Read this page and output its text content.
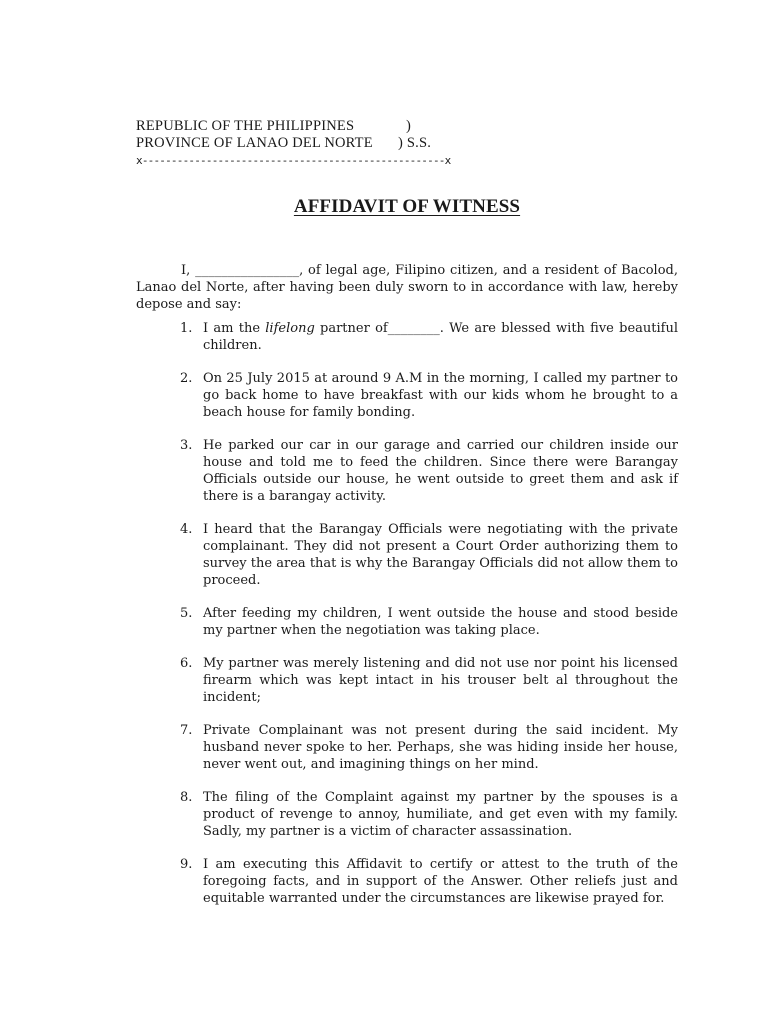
REPUBLIC OF THE PHILIPPINES	)
PROVINCE OF LANAO DEL NORTE ) S.S.
x----------------------------------------------------x
AFFIDAVIT OF WITNESS

I, ________________, of legal age, Filipino citizen, and a resident of Bacolod, Lanao del Norte, after having been duly sworn to in accordance with law, hereby depose and say:

1. I am the lifelong partner of________. We are blessed with five beautiful children.
2. On 25 July 2015 at around 9 A.M in the morning, I called my partner to go back home to have breakfast with our kids whom he brought to a beach house for family bonding.
3. He parked our car in our garage and carried our children inside our house and told me to feed the children. Since there were Barangay Officials outside our house, he went outside to greet them and ask if there is a barangay activity.
4. I heard that the Barangay Officials were negotiating with the private complainant. They did not present a Court Order authorizing them to survey the area that is why the Barangay Officials did not allow them to proceed.
5. After feeding my children, I went outside the house and stood beside my partner when the negotiation was taking place.
6. My partner was merely listening and did not use nor point his licensed firearm which was kept intact in his trouser belt al throughout the incident;
7. Private Complainant was not present during the said incident. My husband never spoke to her. Perhaps, she was hiding inside her house, never went out, and imagining things on her mind.
8. The filing of the Complaint against my partner by the spouses is a product of revenge to annoy, humiliate, and get even with my family. Sadly, my partner is a victim of character assassination.
9. I am executing this Affidavit to certify or attest to the truth of the foregoing facts, and in support of the Answer. Other reliefs just and equitable warranted under the circumstances are likewise prayed for.
